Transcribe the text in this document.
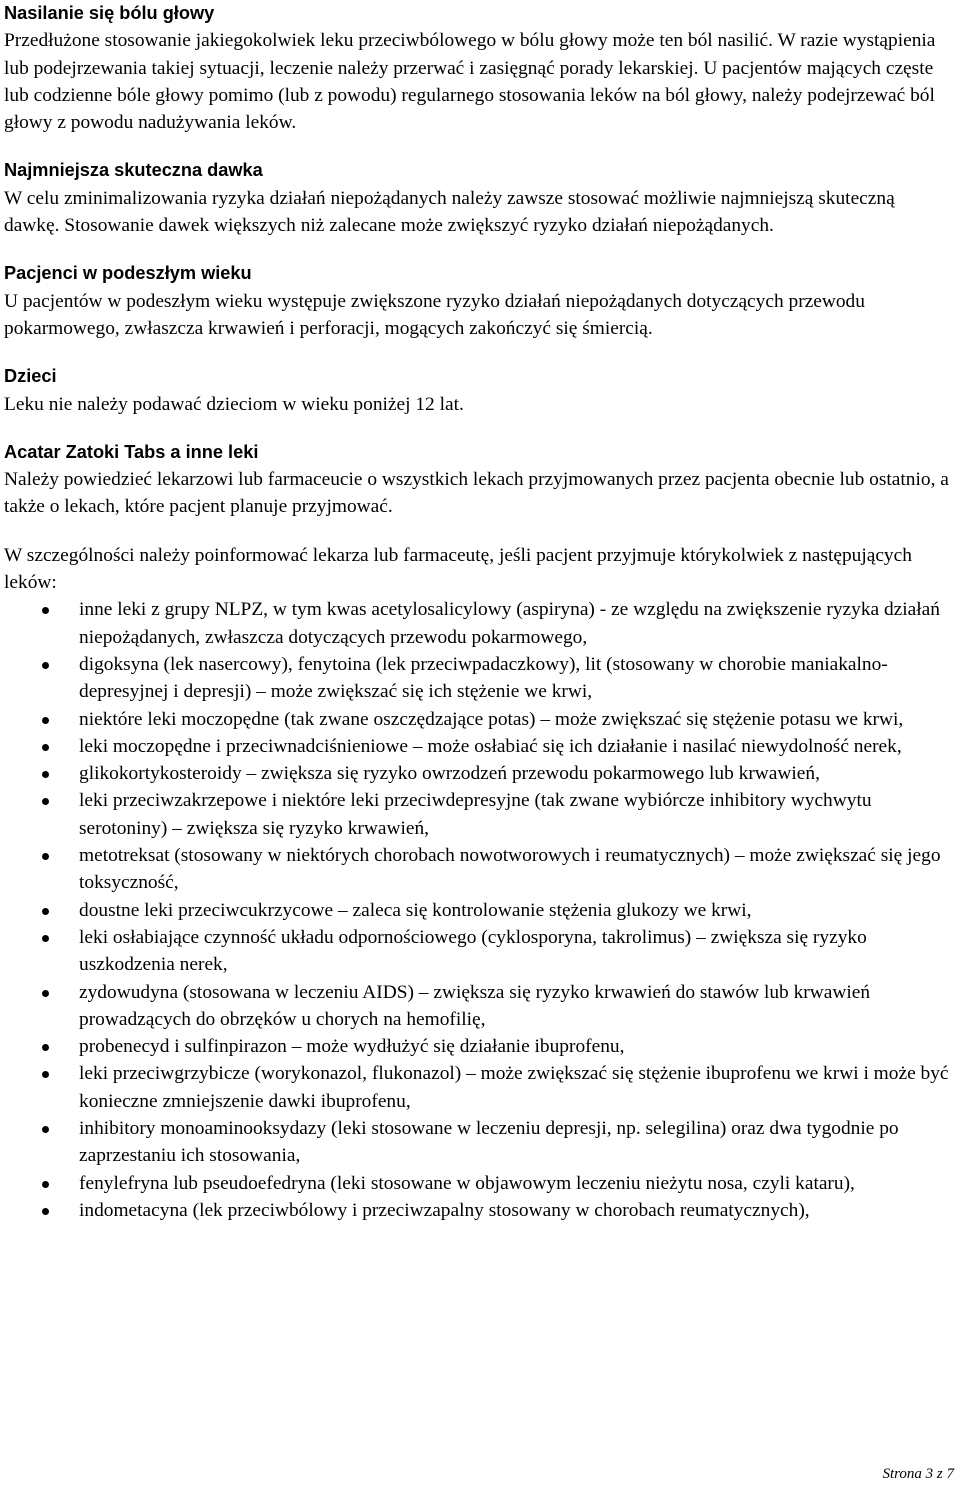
Nasilanie się bólu głowy

Przedłużone stosowanie jakiegokolwiek leku przeciwbólowego w bólu głowy może ten ból nasilić. W razie wystąpienia lub podejrzewania takiej sytuacji, leczenie należy przerwać i zasięgnąć porady lekarskiej. U pacjentów mających częste lub codzienne bóle głowy pomimo (lub z powodu) regularnego stosowania leków na ból głowy, należy podejrzewać ból głowy z powodu nadużywania leków.

Najmniejsza skuteczna dawka

W celu zminimalizowania ryzyka działań niepożądanych należy zawsze stosować możliwie najmniejszą skuteczną dawkę. Stosowanie dawek większych niż zalecane może zwiększyć ryzyko działań niepożądanych.

Pacjenci w podeszłym wieku

U pacjentów w podeszłym wieku występuje zwiększone ryzyko działań niepożądanych dotyczących przewodu pokarmowego, zwłaszcza krwawień i perforacji, mogących zakończyć się śmiercią.

Dzieci

Leku nie należy podawać dzieciom w wieku poniżej 12 lat.

Acatar Zatoki Tabs a inne leki

Należy powiedzieć lekarzowi lub farmaceucie o wszystkich lekach przyjmowanych przez pacjenta obecnie lub ostatnio, a także o lekach, które pacjent planuje przyjmować.

W szczególności należy poinformować lekarza lub farmaceutę, jeśli pacjent przyjmuje którykolwiek z następujących leków:

inne leki z grupy NLPZ, w tym kwas acetylosalicylowy (aspiryna) - ze względu na zwiększenie ryzyka działań niepożądanych, zwłaszcza dotyczących przewodu pokarmowego,
digoksyna (lek nasercowy), fenytoina (lek przeciwpadaczkowy), lit (stosowany w chorobie maniakalno-depresyjnej i depresji) – może zwiększać się ich stężenie we krwi,
niektóre leki moczopędne (tak zwane oszczędzające potas) – może zwiększać się stężenie potasu we krwi,
leki moczopędne i przeciwnadciśnieniowe – może osłabiać się ich działanie i nasilać niewydolność nerek,
glikokortykosteroidy – zwiększa się ryzyko owrzodzeń przewodu pokarmowego lub krwawień,
leki przeciwzakrzepowe i niektóre leki przeciwdepresyjne (tak zwane wybiórcze inhibitory wychwytu serotoniny) – zwiększa się ryzyko krwawień,
metotreksat (stosowany w niektórych chorobach nowotworowych i reumatycznych) – może zwiększać się jego toksyczność,
doustne leki przeciwcukrzycowe – zaleca się kontrolowanie stężenia glukozy we krwi,
leki osłabiające czynność układu odpornościowego (cyklosporyna, takrolimus) – zwiększa się ryzyko uszkodzenia nerek,
zydowudyna (stosowana w leczeniu AIDS) – zwiększa się ryzyko krwawień do stawów lub krwawień prowadzących do obrzęków u chorych na hemofilię,
probenecyd i sulfinpirazon – może wydłużyć się działanie ibuprofenu,
leki przeciwgrzybicze (worykonazol, flukonazol) – może zwiększać się stężenie ibuprofenu we krwi i może być konieczne zmniejszenie dawki ibuprofenu,
inhibitory monoaminooksydazy (leki stosowane w leczeniu depresji, np. selegilina) oraz dwa tygodnie po zaprzestaniu ich stosowania,
fenylefryna lub pseudoefedryna (leki stosowane w objawowym leczeniu nieżytu nosa, czyli kataru),
indometacyna (lek przeciwbólowy i przeciwzapalny stosowany w chorobach reumatycznych),
Strona 3 z 7
